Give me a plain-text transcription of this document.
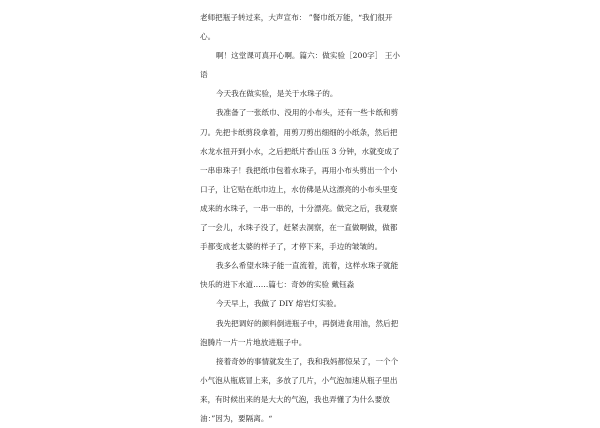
老师把瓶子转过来，大声宣布： ”餐巾纸万能，“我们很开
心。
啊！这堂课可真开心啊。篇六：做实验［200字］ 王小
语
今天我在做实验，是关于水珠子的。
我准备了一张纸巾、没用的小布头，还有一些卡纸和剪
刀。先把卡纸剪段拿着，用剪刀剪出细细的小纸条，然后把
水龙水扭开到小水，之后把纸片香山压 3 分钟，水就变成了
一串串珠子！我把纸巾包着水珠子，再用小布头剪出一个小
口子，让它贴在纸巾边上，水仿佛是从这漂亮的小布头里变
成来的水珠子，一串一串的，十分漂亮。做完之后，我观察
了一会儿，水珠子没了，赶紧去洞察，在一直做啊做，做都
手都变成老太婆的样子了，才停下来，手边的皱皱的。
我多么希望水珠子能一直流着，流着，这样水珠子就能
快乐的进下水道……篇七：奇妙的实验 戴钰淼
今天早上，我做了 DIY 熔岩灯实验。
我先把调好的颜料倒进瓶子中，再倒进食用油，然后把
泡腾片一片一片地放进瓶子中。
接着奇妙的事情就发生了，我和我妈都惊呆了，一个个
小气泡从瓶底冒上来，多放了几片，小气泡加速从瓶子里出
来，有时候出来的是大大的气泡，我也弄懂了为什么要放
油：”因为，要隔离。“
